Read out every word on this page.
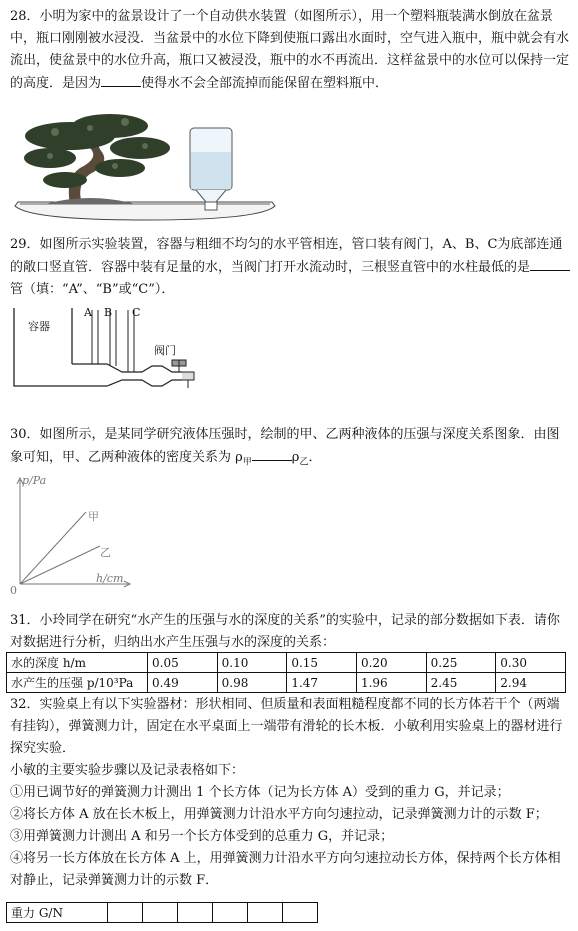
28．小明为家中的盆景设计了一个自动供水装置（如图所示），用一个塑料瓶装满水倒放在盆景中，瓶口刚刚被水浸没．当盆景中的水位下降到使瓶口露出水面时，空气进入瓶中，瓶中就会有水流出，使盆景中的水位升高，瓶口又被浸没，瓶中的水不再流出．这样盆景中的水位可以保持一定的高度．是因为	使得水不会全部流掉而能保留在塑料瓶中．
29．如图所示实验装置，容器与粗细不均匀的水平管相连，管口装有阀门，A、B、C为底部连通的敞口竖直管．容器中装有足量的水，当阀门打开水流动时，三根竖直管中的水柱最低的是管（填：“A”、“B”或“C”）．
容器
A B C
阀门
30．如图所示，是某同学研究液体压强时，绘制的甲、乙两种液体的压强与深度关系图象．由图象可知，甲、乙两种液体的密度关系为 $\rho_甲$	$\rho_乙$．
p/Pa
h/cm
甲
乙
0
31．小玲同学在研究“水产生的压强与水的深度的关系”的实验中，记录的部分数据如下表．请你对数据进行分析，归纳出水产生压强与水的深度的关系：
水的深度 h/m	0.05	0.10	0.15	0.20	0.25	0.30
水产生的压强 p/10³Pa	0.49	0.98	1.47	1.96	2.45	2.94
32．实验桌上有以下实验器材：形状相同、但质量和表面粗糙程度都不同的长方体若干个（两端有挂钩），弹簧测力计，固定在水平桌面上一端带有滑轮的长木板．小敏利用实验桌上的器材进行探究实验．
小敏的主要实验步骤以及记录表格如下：
①用已调节好的弹簧测力计测出 1 个长方体（记为长方体 A）受到的重力 G，并记录；
②将长方体 A 放在长木板上，用弹簧测力计沿水平方向匀速拉动，记录弹簧测力计的示数 F；
③用弹簧测力计测出 A 和另一个长方体受到的总重力 G，并记录；
④将另一长方体放在长方体 A 上，用弹簧测力计沿水平方向匀速拉动长方体，保持两个长方体相对静止，记录弹簧测力计的示数 F．
重力 G/N						
